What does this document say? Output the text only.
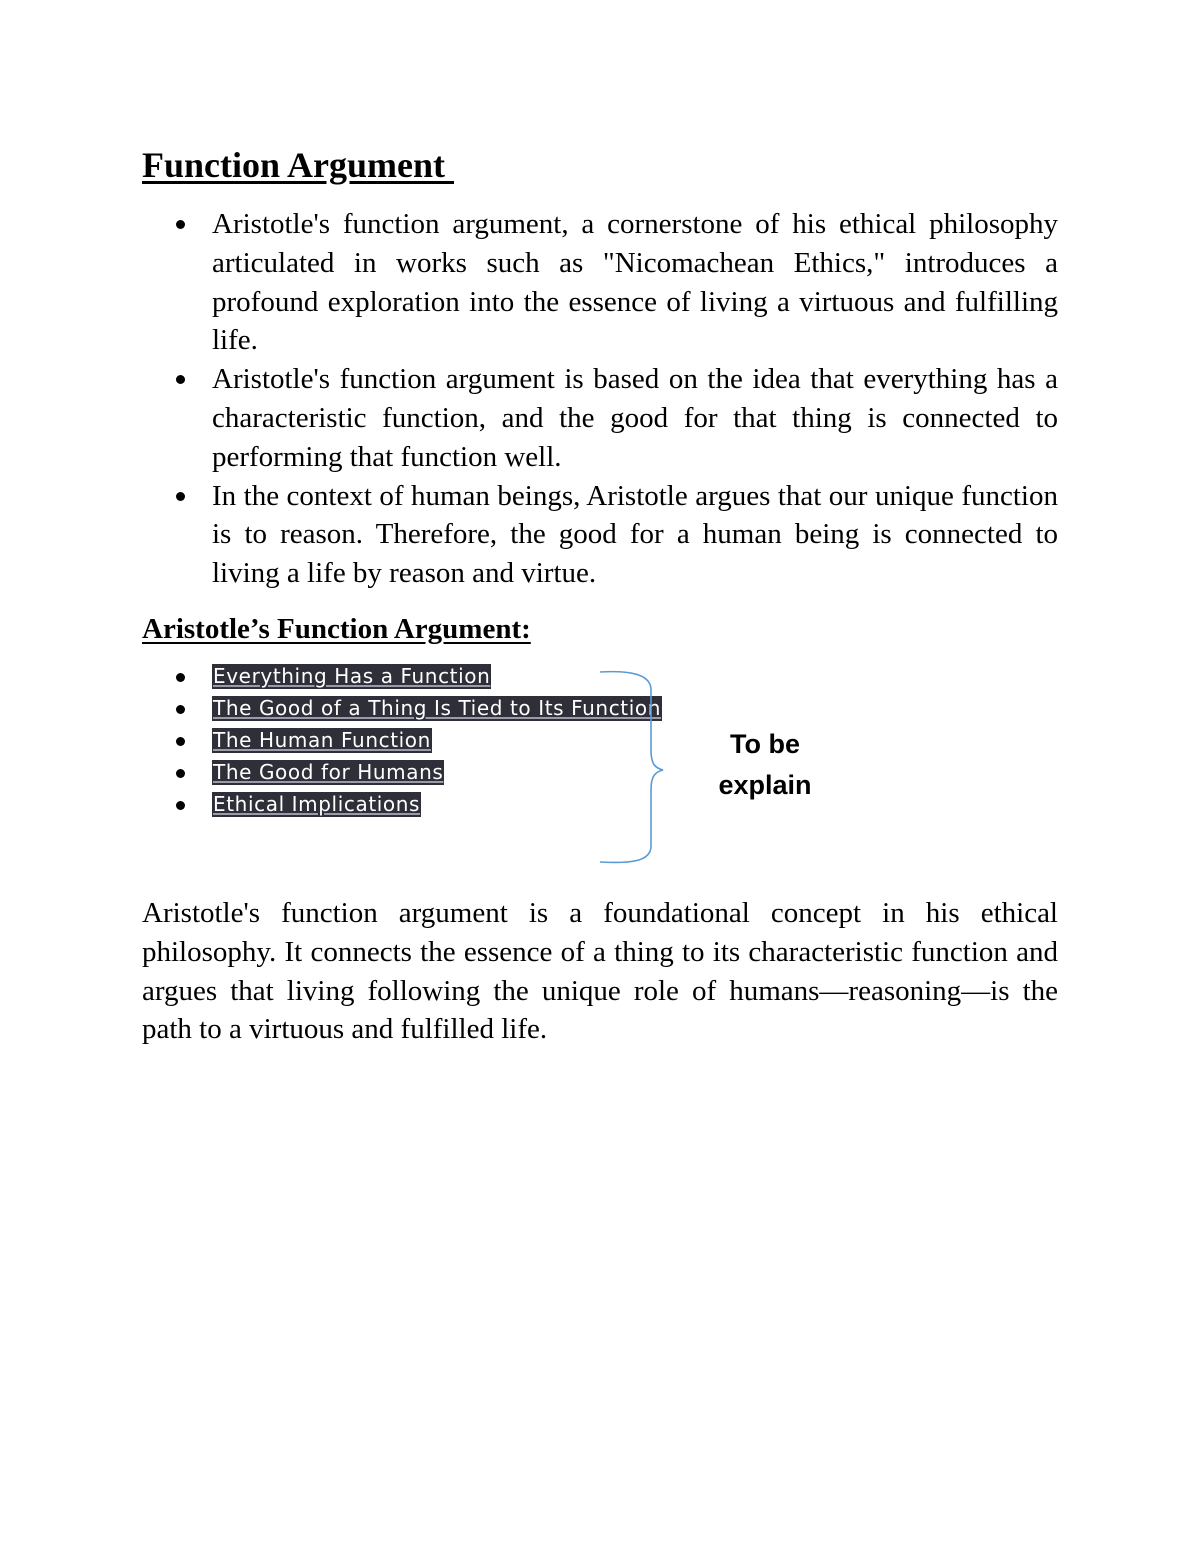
Function Argument
Aristotle's function argument, a cornerstone of his ethical philosophy articulated in works such as "Nicomachean Ethics," introduces a profound exploration into the essence of living a virtuous and fulfilling life.
Aristotle's function argument is based on the idea that everything has a characteristic function, and the good for that thing is connected to performing that function well.
In the context of human beings, Aristotle argues that our unique function is to reason. Therefore, the good for a human being is connected to living a life by reason and virtue.
Aristotle’s Function Argument:
Everything Has a Function
The Good of a Thing Is Tied to Its Function
The Human Function
The Good for Humans
Ethical Implications
To be explain

Aristotle's function argument is a foundational concept in his ethical philosophy. It connects the essence of a thing to its characteristic function and argues that living following the unique role of humans—reasoning—is the path to a virtuous and fulfilled life.
